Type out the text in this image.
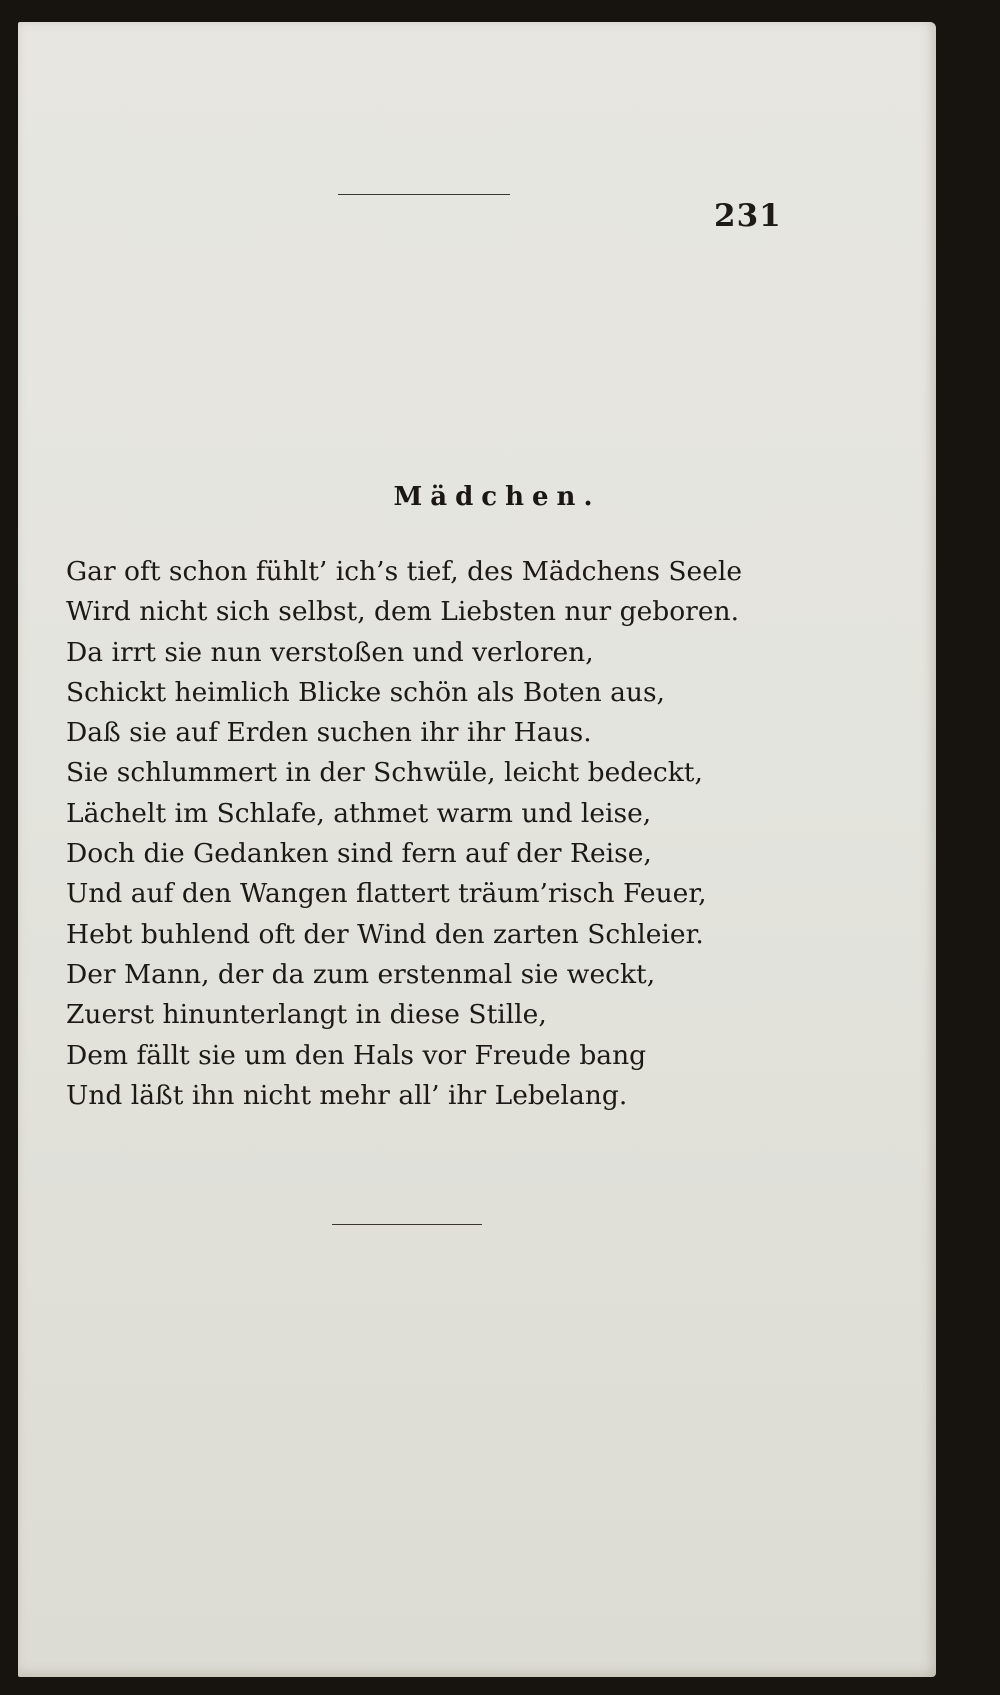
231
Mädchen.
Gar oft schon fühlt’ ich’s tief, des Mädchens Seele
Wird nicht sich selbst, dem Liebsten nur geboren.
Da irrt sie nun verstoßen und verloren,
Schickt heimlich Blicke schön als Boten aus,
Daß sie auf Erden suchen ihr ihr Haus.
Sie schlummert in der Schwüle, leicht bedeckt,
Lächelt im Schlafe, athmet warm und leise,
Doch die Gedanken sind fern auf der Reise,
Und auf den Wangen flattert träum’risch Feuer,
Hebt buhlend oft der Wind den zarten Schleier.
Der Mann, der da zum erstenmal sie weckt,
Zuerst hinunterlangt in diese Stille,
Dem fällt sie um den Hals vor Freude bang
Und läßt ihn nicht mehr all’ ihr Lebelang.
